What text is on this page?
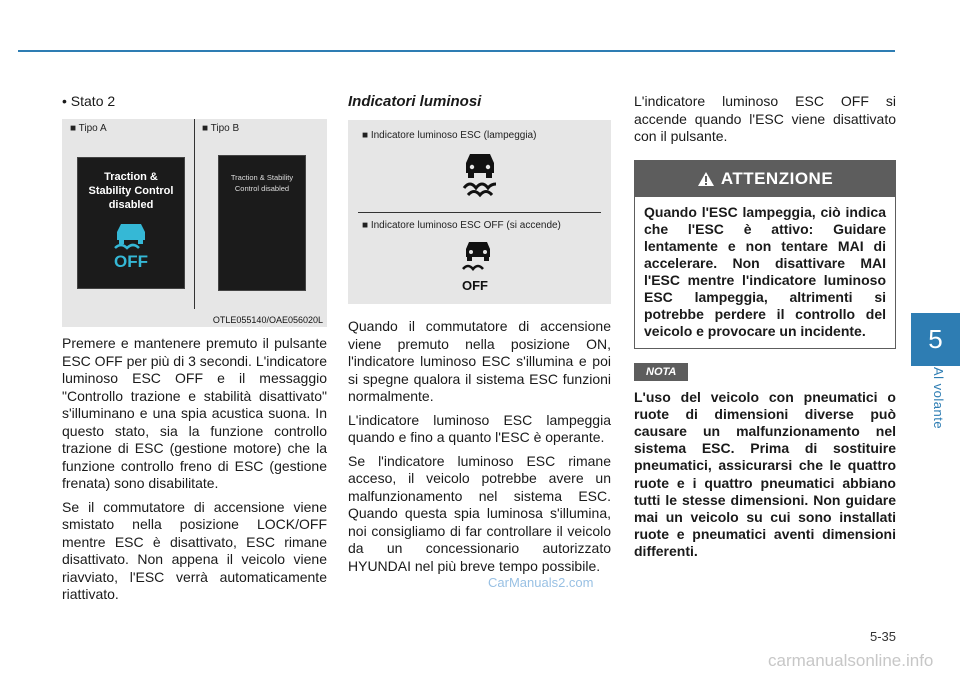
5
Al volante
• Stato 2
■ Tipo A	■ Tipo B
Traction & Stability Control disabled
OFF
Traction & Stability
Control disabled
OTLE055140/OAE056020L

Premere e mantenere premuto il pulsante ESC OFF per più di 3 secondi. L'indicatore luminoso ESC OFF e il messaggio "Controllo trazione e stabilità disattivato" s'illuminano e una spia acustica suona. In questo stato, sia la funzione controllo trazione di ESC (gestione motore) che la funzione controllo freno di ESC (gestione frenata) sono disabilitate.

Se il commutatore di accensione viene smistato nella posizione LOCK/OFF mentre ESC è disattivato, ESC rimane disattivato. Non appena il veicolo viene riavviato, l'ESC verrà automaticamente riattivato.

Indicatori luminosi
■ Indicatore luminoso ESC (lampeggia)
■ Indicatore luminoso ESC OFF (si accende)
OFF

Quando il commutatore di accensione viene premuto nella posizione ON, l'indicatore luminoso ESC s'illumina e poi si spegne qualora il sistema ESC funzioni normalmente.

L'indicatore luminoso ESC lampeggia quando e fino a quanto l'ESC è operante.

Se l'indicatore luminoso ESC rimane acceso, il veicolo potrebbe avere un malfunzionamento nel sistema ESC. Quando questa spia luminosa s'illumina, noi consigliamo di far controllare il veicolo da un concessionario autorizzato HYUNDAI nel più breve tempo possibile.

L'indicatore luminoso ESC OFF si accende quando l'ESC viene disattivato con il pulsante.

ATTENZIONE

Quando l'ESC lampeggia, ciò indica che l'ESC è attivo: Guidare lentamente e non tentare MAI di accelerare. Non disattivare MAI l'ESC mentre l'indicatore luminoso ESC lampeggia, altrimenti si potrebbe perdere il controllo del veicolo e provocare un incidente.

NOTA

L'uso del veicolo con pneumatici o ruote di dimensioni diverse può causare un malfunzionamento nel sistema ESC. Prima di sostituire pneumatici, assicurarsi che le quattro ruote e i quattro pneumatici abbiano tutti le stesse dimensioni. Non guidare mai un veicolo su cui sono installati ruote e pneumatici aventi dimensioni differenti.

CarManuals2.com
5-35
carmanualsonline.info
